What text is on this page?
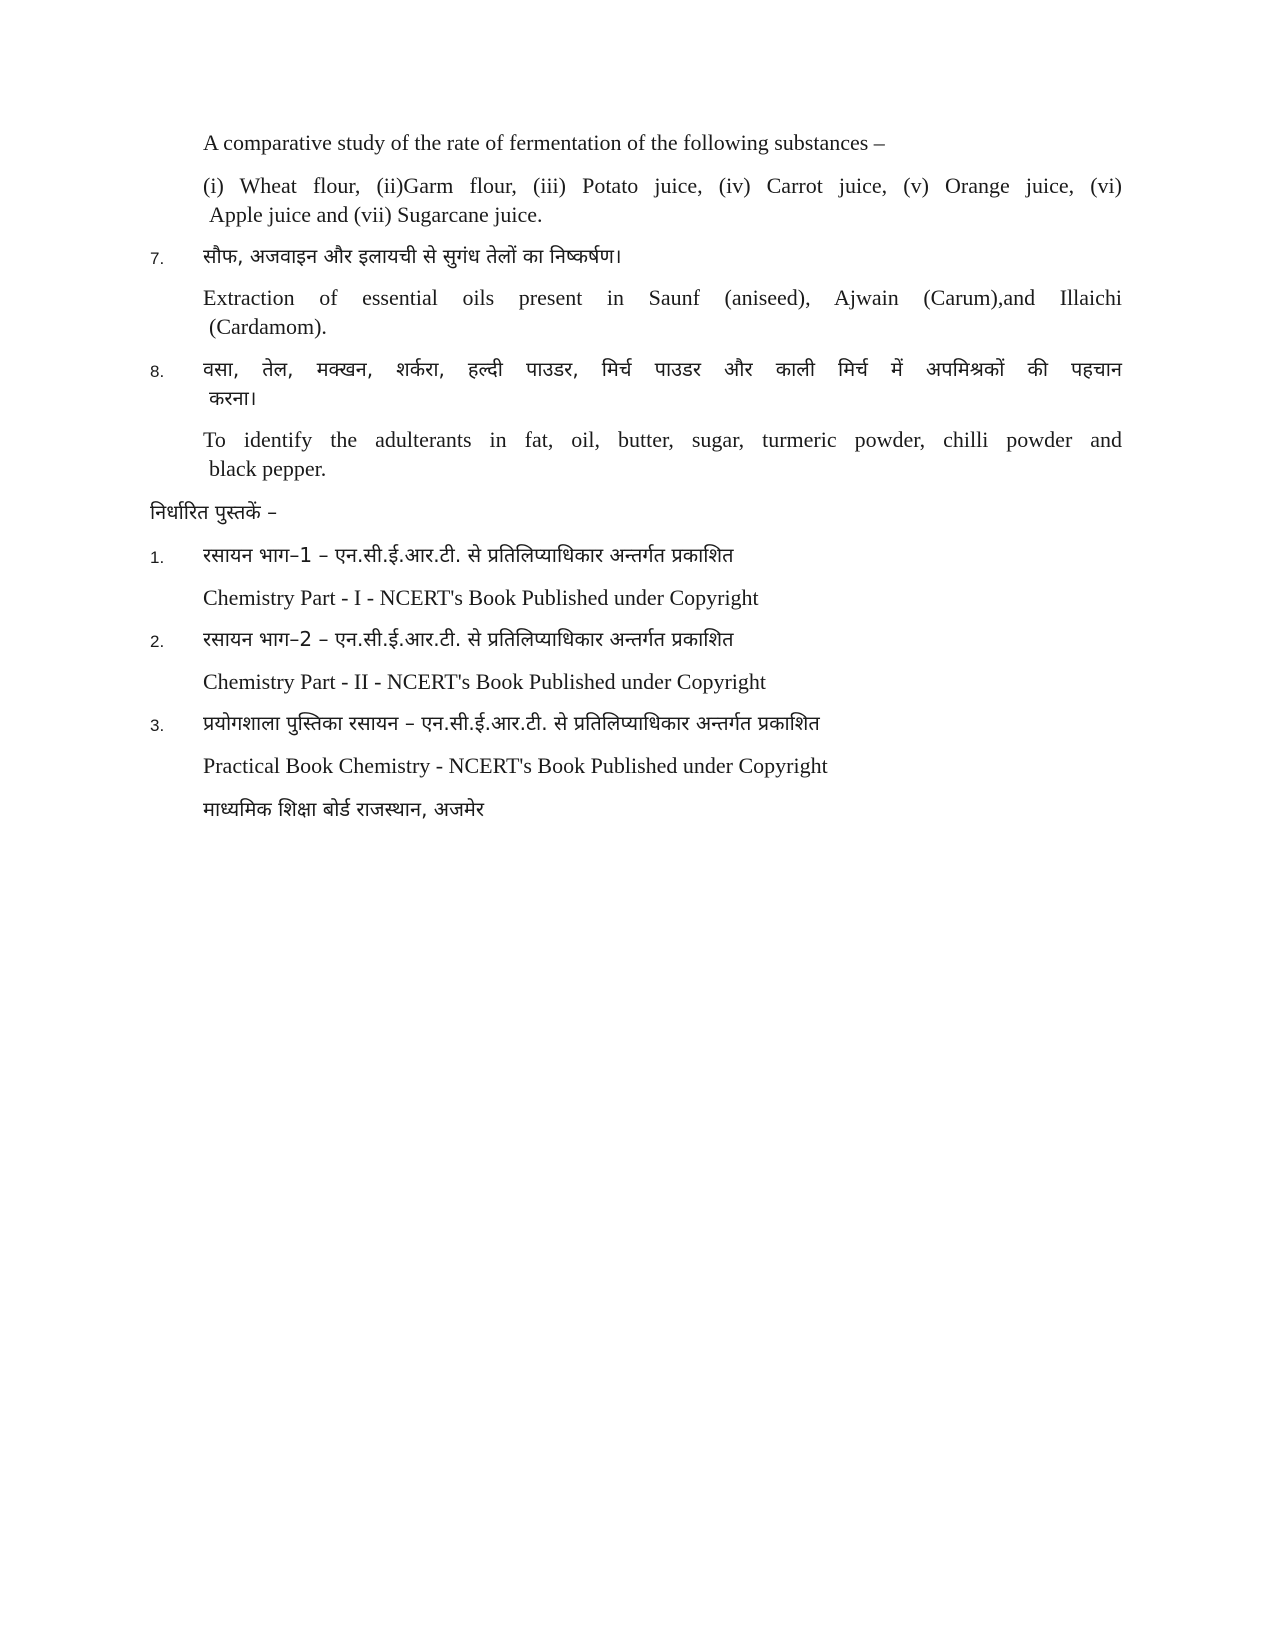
A comparative study of the rate of fermentation of the following substances –
(i) Wheat flour, (ii)Garm flour, (iii) Potato juice, (iv) Carrot juice, (v) Orange juice, (vi)
Apple juice and (vii) Sugarcane juice.
7. सौफ, अजवाइन और इलायची से सुगंध तेलों का निष्कर्षण।
Extraction of essential oils present in Saunf (aniseed), Ajwain (Carum),and Illaichi
(Cardamom).
8. वसा, तेल, मक्खन, शर्करा, हल्दी पाउडर, मिर्च पाउडर और काली मिर्च में अपमिश्रकों की पहचान
करना।
To identify the adulterants in fat, oil, butter, sugar, turmeric powder, chilli powder and
black pepper.
निर्धारित पुस्तकें –
1. रसायन भाग–1 – एन.सी.ई.आर.टी. से प्रतिलिप्याधिकार अन्तर्गत प्रकाशित
Chemistry Part - I - NCERT's Book Published under Copyright
2. रसायन भाग–2 – एन.सी.ई.आर.टी. से प्रतिलिप्याधिकार अन्तर्गत प्रकाशित
Chemistry Part - II - NCERT's Book Published under Copyright
3. प्रयोगशाला पुस्तिका रसायन – एन.सी.ई.आर.टी. से प्रतिलिप्याधिकार अन्तर्गत प्रकाशित
Practical Book Chemistry - NCERT's Book Published under Copyright
माध्यमिक शिक्षा बोर्ड राजस्थान, अजमेर
